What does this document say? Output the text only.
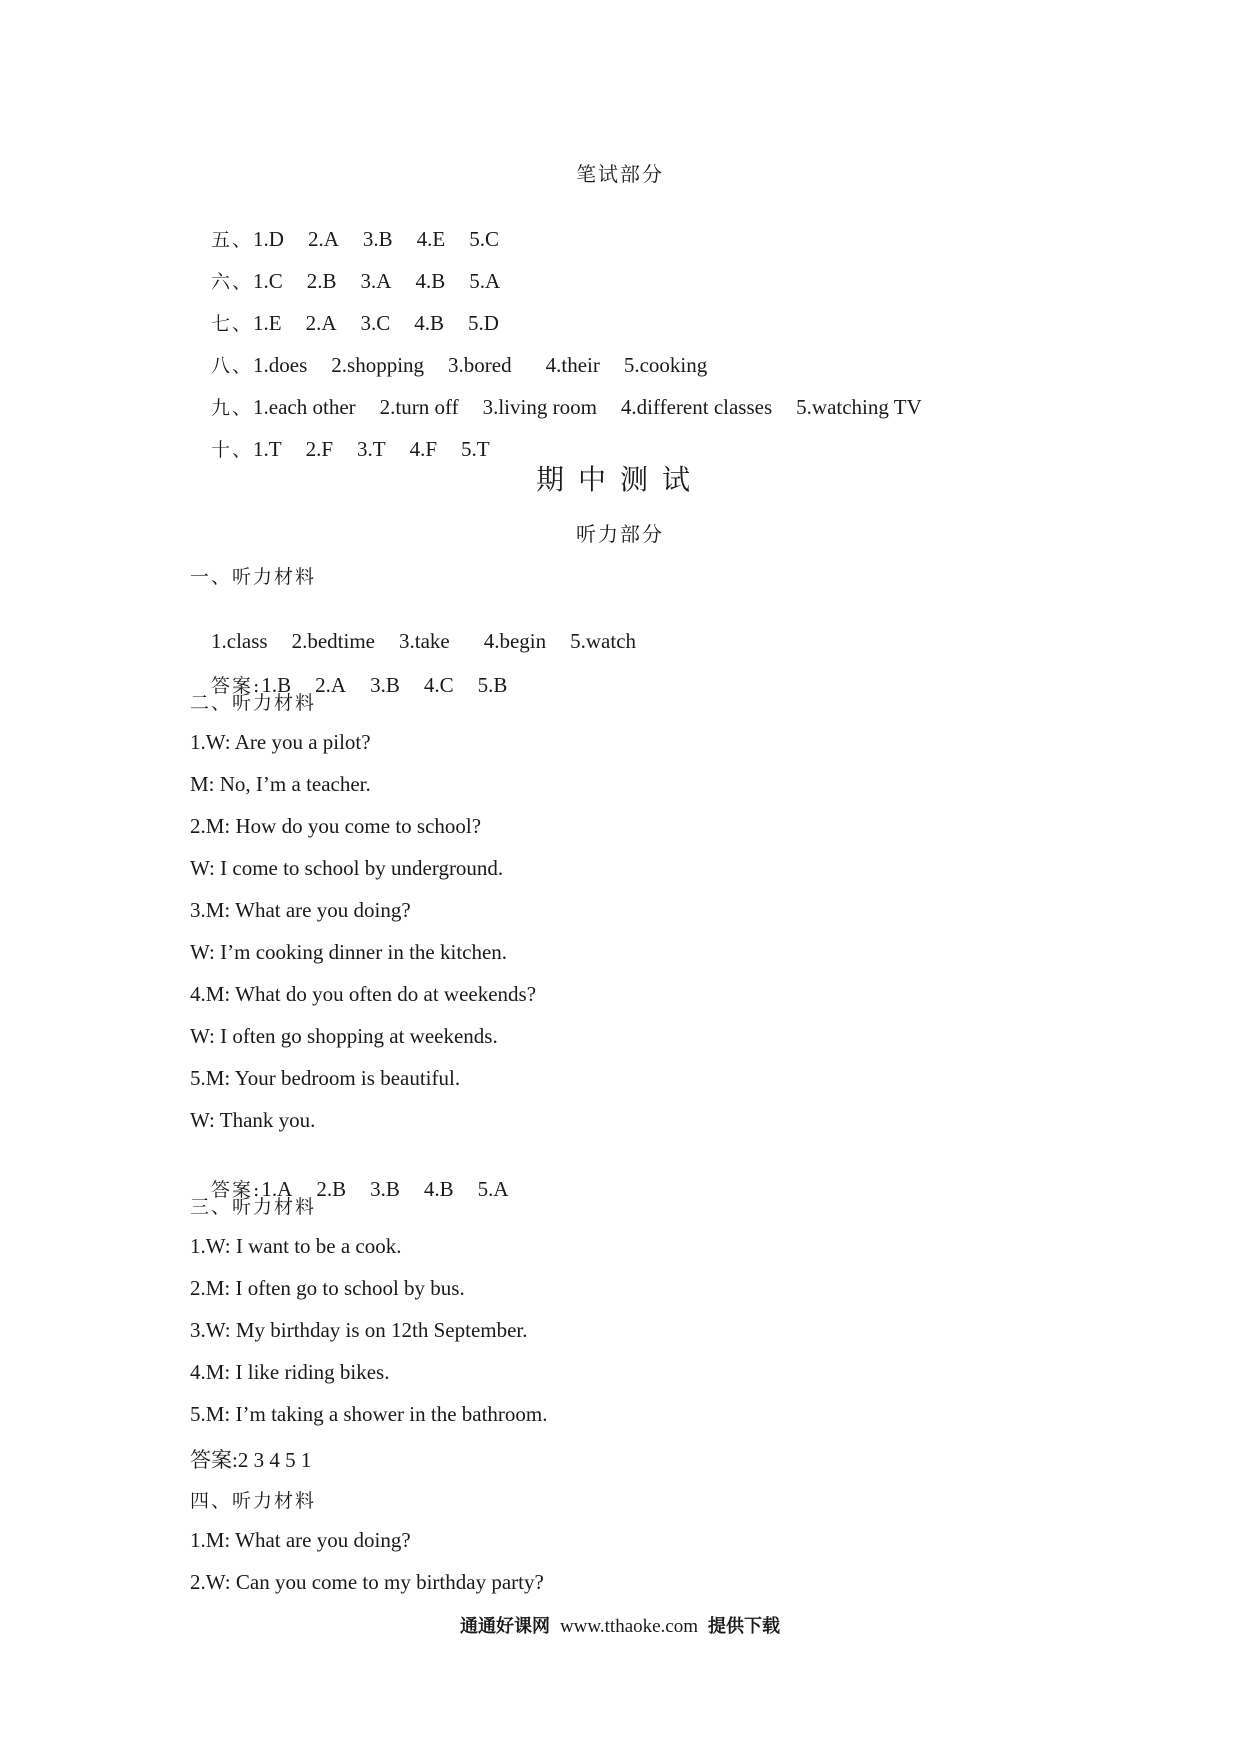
笔试部分

五、1.D 2.A 3.B 4.E 5.C

六、1.C 2.B 3.A 4.B 5.A

七、1.E 2.A 3.C 4.B 5.D

八、1.does 2.shopping 3.bored 4.their 5.cooking

九、1.each other 2.turn off 3.living room 4.different classes 5.watching TV

十、1.T 2.F 3.T 4.F 5.T

期中测试
听力部分
一、听力材料

1.class 2.bedtime 3.take 4.begin 5.watch

答案:1.B 2.A 3.B 4.C 5.B

二、听力材料
1.W: Are you a pilot?
M: No, I’m a teacher.
2.M: How do you come to school?
W: I come to school by underground.
3.M: What are you doing?
W: I’m cooking dinner in the kitchen.
4.M: What do you often do at weekends?
W: I often go shopping at weekends.
5.M: Your bedroom is beautiful.
W: Thank you.

答案:1.A 2.B 3.B 4.B 5.A

三、听力材料
1.W: I want to be a cook.
2.M: I often go to school by bus.
3.W: My birthday is on 12th September.
4.M: I like riding bikes.
5.M: I’m taking a shower in the bathroom.
答案:2 3 4 5 1
四、听力材料
1.M: What are you doing?
2.W: Can you come to my birthday party?
通通好课网 www.tthaoke.com 提供下载
